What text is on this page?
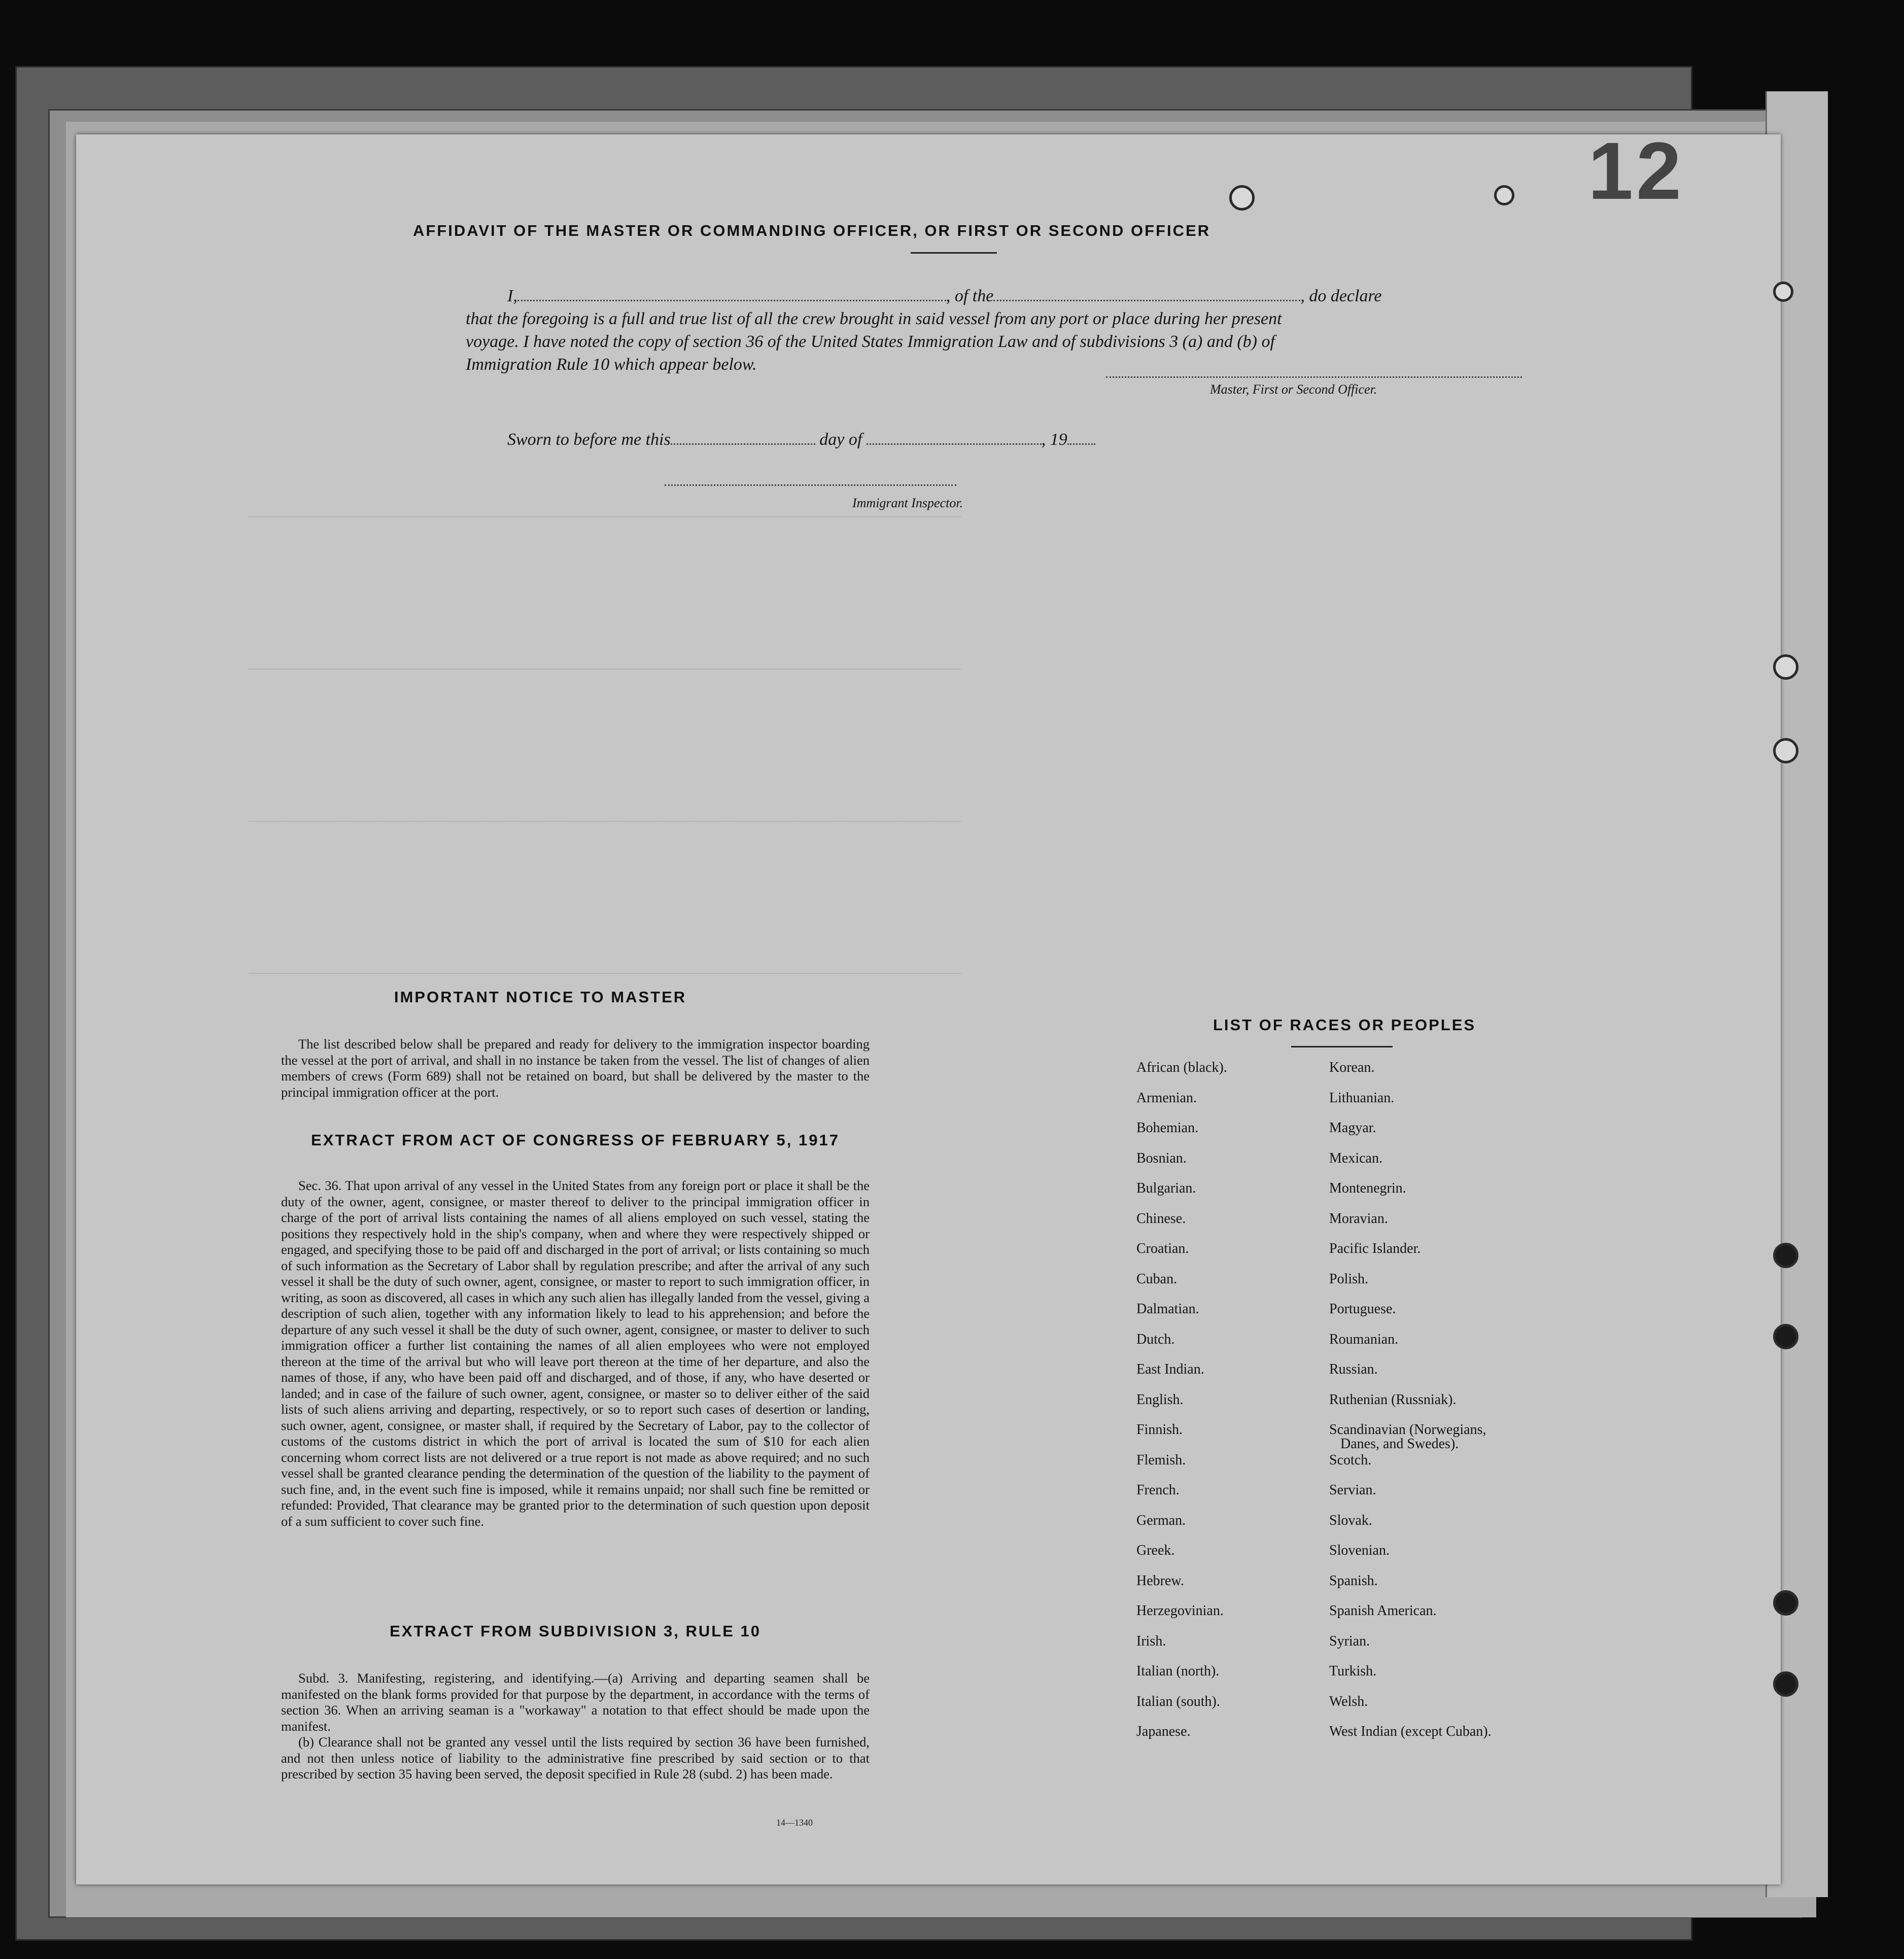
12
──────────────────────────────────────────────────────────────────────────────────────────
──────────────────────────────────────────────────────────────────────────────────────────
──────────────────────────────────────────────────────────────────────────────────────────
──────────────────────────────────────────────────────────────────────────────────────────
AFFIDAVIT OF THE MASTER OR COMMANDING OFFICER, OR FIRST OR SECOND OFFICER
I,	, of the	, do declare
that the foregoing is a full and true list of all the crew brought in said vessel from any port or place during her present
voyage. I have noted the copy of section 36 of the United States Immigration Law and of subdivisions 3 (a) and (b) of
Immigration Rule 10 which appear below.
Master, First or Second Officer.
Sworn to before me this	day of	, 19
Immigrant Inspector.
IMPORTANT NOTICE TO MASTER

The list described below shall be prepared and ready for delivery to the immigration inspector boarding the vessel at the port of arrival, and shall in no instance be taken from the vessel. The list of changes of alien members of crews (Form 689) shall not be retained on board, but shall be delivered by the master to the principal immigration officer at the port.

EXTRACT FROM ACT OF CONGRESS OF FEBRUARY 5, 1917

Sec. 36. That upon arrival of any vessel in the United States from any foreign port or place it shall be the duty of the owner, agent, consignee, or master thereof to deliver to the principal immigration officer in charge of the port of arrival lists containing the names of all aliens employed on such vessel, stating the positions they respectively hold in the ship's company, when and where they were respectively shipped or engaged, and specifying those to be paid off and discharged in the port of arrival; or lists containing so much of such information as the Secretary of Labor shall by regulation prescribe; and after the arrival of any such vessel it shall be the duty of such owner, agent, consignee, or master to report to such immigration officer, in writing, as soon as discovered, all cases in which any such alien has illegally landed from the vessel, giving a description of such alien, together with any information likely to lead to his apprehension; and before the departure of any such vessel it shall be the duty of such owner, agent, consignee, or master to deliver to such immigration officer a further list containing the names of all alien employees who were not employed thereon at the time of the arrival but who will leave port thereon at the time of her departure, and also the names of those, if any, who have been paid off and discharged, and of those, if any, who have deserted or landed; and in case of the failure of such owner, agent, consignee, or master so to deliver either of the said lists of such aliens arriving and departing, respectively, or so to report such cases of desertion or landing, such owner, agent, consignee, or master shall, if required by the Secretary of Labor, pay to the collector of customs of the customs district in which the port of arrival is located the sum of $10 for each alien concerning whom correct lists are not delivered or a true report is not made as above required; and no such vessel shall be granted clearance pending the determination of the question of the liability to the payment of such fine, and, in the event such fine is imposed, while it remains unpaid; nor shall such fine be remitted or refunded: Provided, That clearance may be granted prior to the determination of such question upon deposit of a sum sufficient to cover such fine.

EXTRACT FROM SUBDIVISION 3, RULE 10

Subd. 3. Manifesting, registering, and identifying.—(a) Arriving and departing seamen shall be manifested on the blank forms provided for that purpose by the department, in accordance with the terms of section 36. When an arriving seaman is a "workaway" a notation to that effect should be made upon the manifest.

(b) Clearance shall not be granted any vessel until the lists required by section 36 have been furnished, and not then unless notice of liability to the administrative fine prescribed by said section or to that prescribed by section 35 having been served, the deposit specified in Rule 28 (subd. 2) has been made.

14—1340
LIST OF RACES OR PEOPLES
African (black).
Armenian.
Bohemian.
Bosnian.
Bulgarian.
Chinese.
Croatian.
Cuban.
Dalmatian.
Dutch.
East Indian.
English.
Finnish.
Flemish.
French.
German.
Greek.
Hebrew.
Herzegovinian.
Irish.
Italian (north).
Italian (south).
Japanese.
Korean.
Lithuanian.
Magyar.
Mexican.
Montenegrin.
Moravian.
Pacific Islander.
Polish.
Portuguese.
Roumanian.
Russian.
Ruthenian (Russniak).
Scandinavian (Norwegians,
Danes, and Swedes).
Scotch.
Servian.
Slovak.
Slovenian.
Spanish.
Spanish American.
Syrian.
Turkish.
Welsh.
West Indian (except Cuban).
